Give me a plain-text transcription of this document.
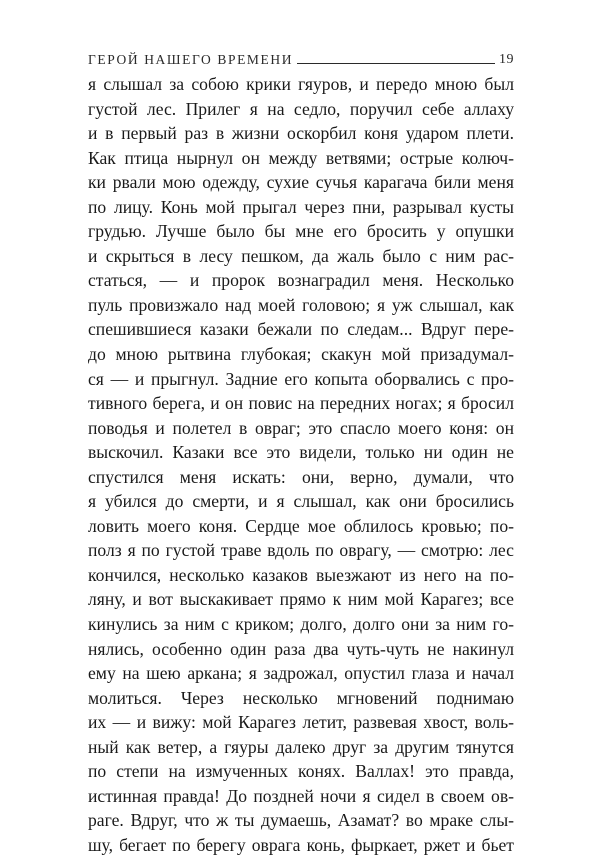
ГЕРОЙ НАШЕГО ВРЕМЕНИ	19
я слышал за собою крики гяуров, и передо мною был
густой лес. Прилег я на седло, поручил себе аллаху
и в первый раз в жизни оскорбил коня ударом плети.
Как птица нырнул он между ветвями; острые колюч-
ки рвали мою одежду, сухие сучья карагача били меня
по лицу. Конь мой прыгал через пни, разрывал кусты
грудью. Лучше было бы мне его бросить у опушки
и скрыться в лесу пешком, да жаль было с ним рас-
статься, — и пророк вознаградил меня. Несколько
пуль провизжало над моей головою; я уж слышал, как
спешившиеся казаки бежали по следам... Вдруг пере-
до мною рытвина глубокая; скакун мой призадумал-
ся — и прыгнул. Задние его копыта оборвались с про-
тивного берега, и он повис на передних ногах; я бросил
поводья и полетел в овраг; это спасло моего коня: он
выскочил. Казаки все это видели, только ни один не
спустился меня искать: они, верно, думали, что
я убился до смерти, и я слышал, как они бросились
ловить моего коня. Сердце мое облилось кровью; по-
полз я по густой траве вдоль по оврагу, — смотрю: лес
кончился, несколько казаков выезжают из него на по-
ляну, и вот выскакивает прямо к ним мой Карагез; все
кинулись за ним с криком; долго, долго они за ним го-
нялись, особенно один раза два чуть-чуть не накинул
ему на шею аркана; я задрожал, опустил глаза и начал
молиться. Через несколько мгновений поднимаю
их — и вижу: мой Карагез летит, развевая хвост, воль-
ный как ветер, а гяуры далеко друг за другим тянутся
по степи на измученных конях. Валлах! это правда,
истинная правда! До поздней ночи я сидел в своем ов-
раге. Вдруг, что ж ты думаешь, Азамат? во мраке слы-
шу, бегает по берегу оврага конь, фыркает, ржет и бьет
